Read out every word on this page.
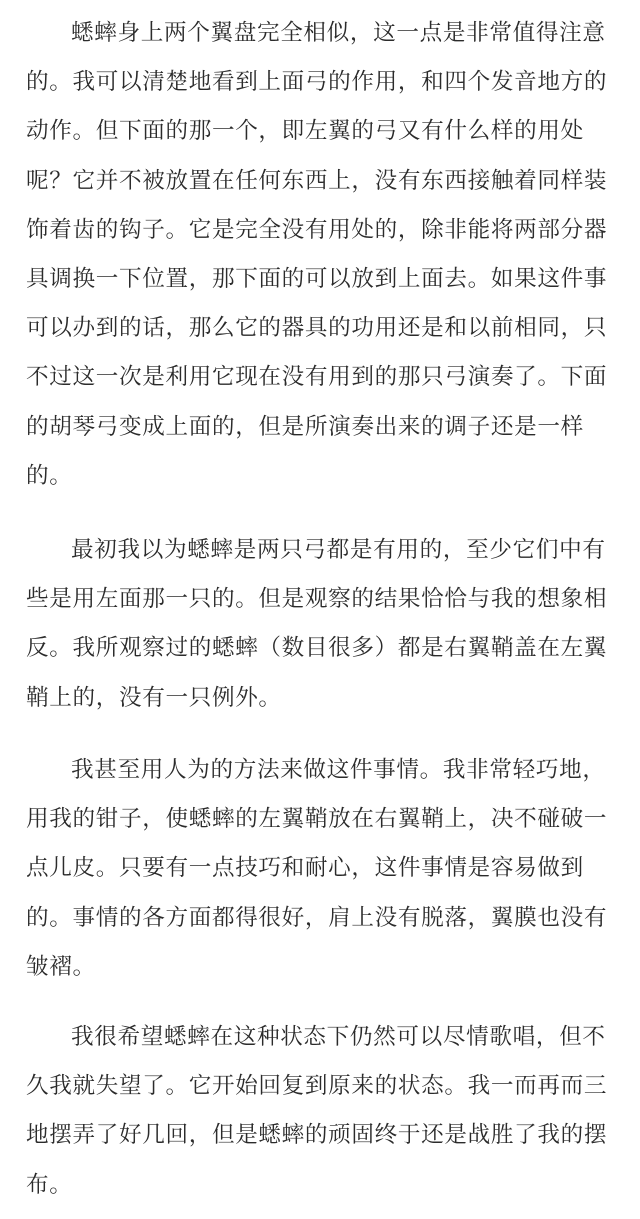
蟋蟀身上两个翼盘完全相似，这一点是非常值得注意
的。我可以清楚地看到上面弓的作用，和四个发音地方的
动作。但下面的那一个，即左翼的弓又有什么样的用处
呢？它并不被放置在任何东西上，没有东西接触着同样装
饰着齿的钩子。它是完全没有用处的，除非能将两部分器
具调换一下位置，那下面的可以放到上面去。如果这件事
可以办到的话，那么它的器具的功用还是和以前相同，只
不过这一次是利用它现在没有用到的那只弓演奏了。下面
的胡琴弓变成上面的，但是所演奏出来的调子还是一样
的。

最初我以为蟋蟀是两只弓都是有用的，至少它们中有
些是用左面那一只的。但是观察的结果恰恰与我的想象相
反。我所观察过的蟋蟀（数目很多）都是右翼鞘盖在左翼
鞘上的，没有一只例外。

我甚至用人为的方法来做这件事情。我非常轻巧地，
用我的钳子，使蟋蟀的左翼鞘放在右翼鞘上，决不碰破一
点儿皮。只要有一点技巧和耐心，这件事情是容易做到
的。事情的各方面都得很好，肩上没有脱落，翼膜也没有
皱褶。

我很希望蟋蟀在这种状态下仍然可以尽情歌唱，但不
久我就失望了。它开始回复到原来的状态。我一而再而三
地摆弄了好几回，但是蟋蟀的顽固终于还是战胜了我的摆
布。
